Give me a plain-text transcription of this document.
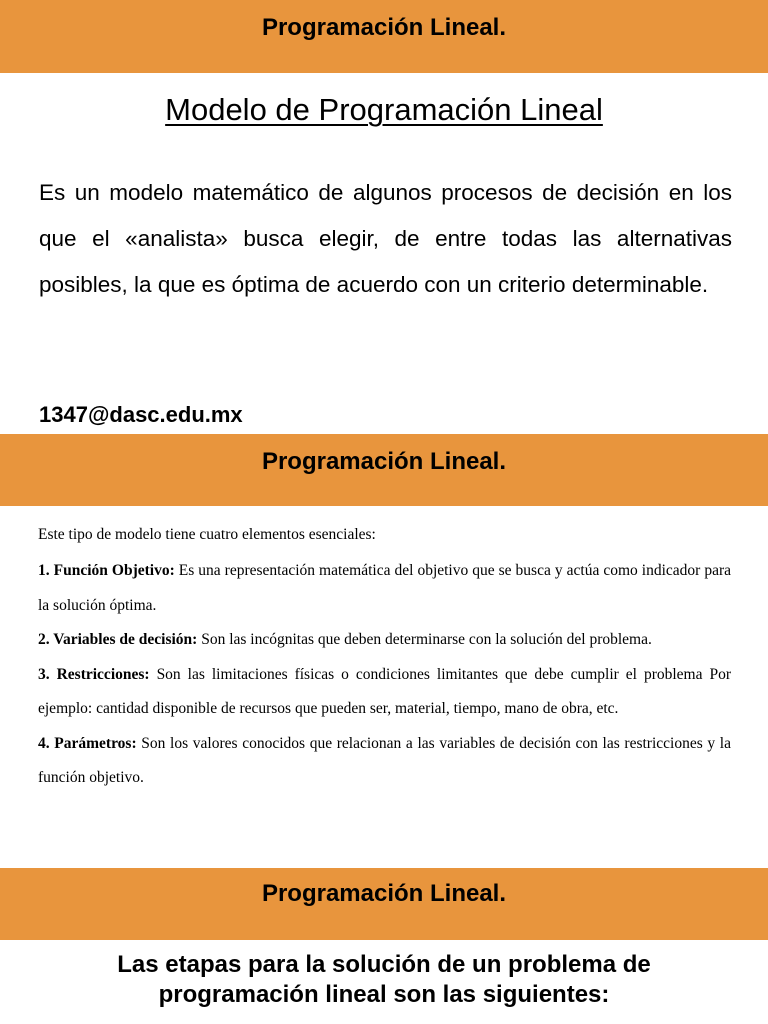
Programación Lineal.
Modelo de Programación Lineal

Es un modelo matemático de algunos procesos de decisión en los que el «analista» busca elegir, de entre todas las alternativas posibles, la que es óptima de acuerdo con un criterio determinable.

1347@dasc.edu.mx
Programación Lineal.

Este tipo de modelo tiene cuatro elementos esenciales:

1. Función Objetivo: Es una representación matemática del objetivo que se busca y actúa como indicador para la solución óptima.

2. Variables de decisión: Son las incógnitas que deben determinarse con la solución del problema.

3. Restricciones: Son las limitaciones físicas o condiciones limitantes que debe cumplir el problema Por ejemplo: cantidad disponible de recursos que pueden ser, material, tiempo, mano de obra, etc.

4. Parámetros: Son los valores conocidos que relacionan a las variables de decisión con las restricciones y la función objetivo.

Programación Lineal.
Las etapas para la solución de un problema de
programación lineal son las siguientes:
